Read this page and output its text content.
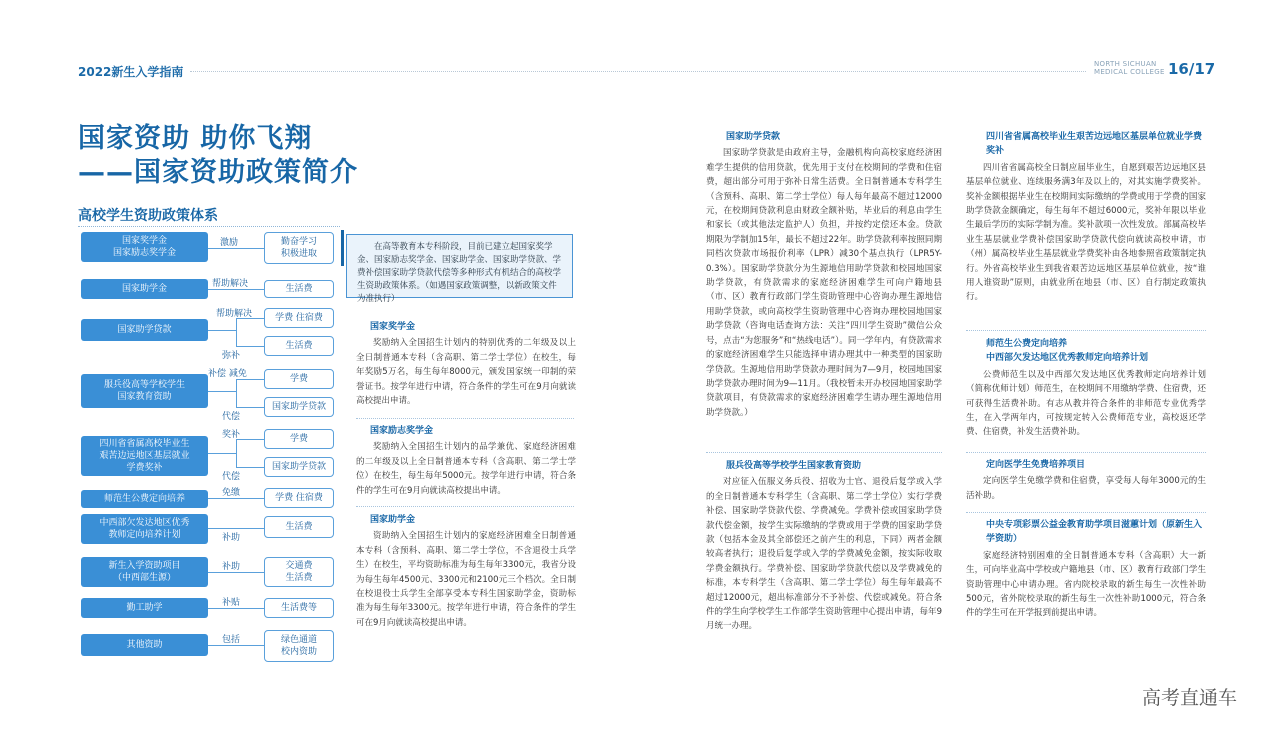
2022新生入学指南
NORTH SICHUAN
MEDICAL COLLEGE 16/17
国家资助 助你飞翔
——国家资助政策简介
高校学生资助政策体系
国家奖学金
国家励志奖学金
国家助学金
国家助学贷款
服兵役高等学校学生
国家教育资助
四川省省属高校毕业生
艰苦边远地区基层就业
学费奖补
师范生公费定向培养
中西部欠发达地区优秀
教师定向培养计划
新生入学资助项目
（中西部生源）
勤工助学
其他资助
勤奋学习
积极进取
生活费
学费 住宿费
生活费
学费
国家助学贷款
学费
国家助学贷款
学费 住宿费
生活费
交通费
生活费
生活费等
绿色通道
校内资助
激励
帮助解决
帮助解决
弥补
补偿 减免
代偿
奖补
代偿
免缴
补助
补助
补贴
包括

在高等教育本专科阶段，目前已建立起国家奖学金、国家励志奖学金、国家助学金、国家助学贷款、学费补偿国家助学贷款代偿等多种形式有机结合的高校学生资助政策体系。（如遇国家政策调整，以新政策文件为准执行）

国家奖学金

奖励纳入全国招生计划内的特别优秀的二年级及以上全日制普通本专科（含高职、第二学士学位）在校生，每年奖励5万名，每生每年8000元，颁发国家统一印制的荣誉证书。按学年进行申请，符合条件的学生可在9月向就读高校提出申请。

国家励志奖学金

奖励纳入全国招生计划内的品学兼优、家庭经济困难的二年级及以上全日制普通本专科（含高职、第二学士学位）在校生，每生每年5000元。按学年进行申请，符合条件的学生可在9月向就读高校提出申请。

国家助学金

资助纳入全国招生计划内的家庭经济困难全日制普通本专科（含预科、高职、第二学士学位，不含退役士兵学生）在校生，平均资助标准为每生每年3300元，我省分设为每生每年4500元、3300元和2100元三个档次。全日制在校退役士兵学生全部享受本专科生国家助学金，资助标准为每生每年3300元。按学年进行申请，符合条件的学生可在9月向就读高校提出申请。

国家助学贷款

国家助学贷款是由政府主导，金融机构向高校家庭经济困难学生提供的信用贷款，优先用于支付在校期间的学费和住宿费，超出部分可用于弥补日常生活费。全日制普通本专科学生（含预科、高职、第二学士学位）每人每年最高不超过12000元，在校期间贷款利息由财政全额补贴，毕业后的利息由学生和家长（或其他法定监护人）负担，并按约定偿还本金。贷款期限为学制加15年，最长不超过22年。助学贷款利率按照同期同档次贷款市场报价利率（LPR）减30个基点执行（LPR5Y-0.3%）。国家助学贷款分为生源地信用助学贷款和校园地国家助学贷款，有贷款需求的家庭经济困难学生可向户籍地县（市、区）教育行政部门学生资助管理中心咨询办理生源地信用助学贷款，或向高校学生资助管理中心咨询办理校园地国家助学贷款（咨询电话查询方法：关注“四川学生资助”微信公众号，点击“为您服务”和“热线电话”）。同一学年内，有贷款需求的家庭经济困难学生只能选择申请办理其中一种类型的国家助学贷款。生源地信用助学贷款办理时间为7—9月，校园地国家助学贷款办理时间为9—11月。（我校暂未开办校园地国家助学贷款项目，有贷款需求的家庭经济困难学生请办理生源地信用助学贷款。）

服兵役高等学校学生国家教育资助

对应征入伍服义务兵役、招收为士官、退役后复学或入学的全日制普通本专科学生（含高职、第二学士学位）实行学费补偿、国家助学贷款代偿、学费减免。学费补偿或国家助学贷款代偿金额，按学生实际缴纳的学费或用于学费的国家助学贷款（包括本金及其全部偿还之前产生的利息，下同）两者金额较高者执行；退役后复学或入学的学费减免金额，按实际收取学费金额执行。学费补偿、国家助学贷款代偿以及学费减免的标准，本专科学生（含高职、第二学士学位）每生每年最高不超过12000元，超出标准部分不予补偿、代偿或减免。符合条件的学生向学校学生工作部学生资助管理中心提出申请，每年9月统一办理。

四川省省属高校毕业生艰苦边远地区基层单位就业学费奖补

四川省省属高校全日制应届毕业生，自愿到艰苦边远地区县基层单位就业、连续服务满3年及以上的，对其实施学费奖补。奖补金额根据毕业生在校期间实际缴纳的学费或用于学费的国家助学贷款金额确定，每生每年不超过6000元，奖补年限以毕业生最后学历的实际学制为准。奖补款项一次性发放。部属高校毕业生基层就业学费补偿国家助学贷款代偿向就读高校申请，市（州）属高校毕业生基层就业学费奖补由各地参照省政策制定执行。外省高校毕业生到我省艰苦边远地区基层单位就业，按“谁用人谁资助”原则，由就业所在地县（市、区）自行制定政策执行。

师范生公费定向培养
中西部欠发达地区优秀教师定向培养计划

公费师范生以及中西部欠发达地区优秀教师定向培养计划（简称优师计划）师范生，在校期间不用缴纳学费、住宿费，还可获得生活费补助。有志从教并符合条件的非师范专业优秀学生，在入学两年内，可按规定转入公费师范专业，高校返还学费、住宿费，补发生活费补助。

定向医学生免费培养项目

定向医学生免缴学费和住宿费，享受每人每年3000元的生活补助。

中央专项彩票公益金教育助学项目滋蕙计划（原新生入学资助）

家庭经济特别困难的全日制普通本专科（含高职）大一新生，可向毕业高中学校或户籍地县（市、区）教育行政部门学生资助管理中心申请办理。省内院校录取的新生每生一次性补助500元，省外院校录取的新生每生一次性补助1000元，符合条件的学生可在开学报到前提出申请。

高考直通车
